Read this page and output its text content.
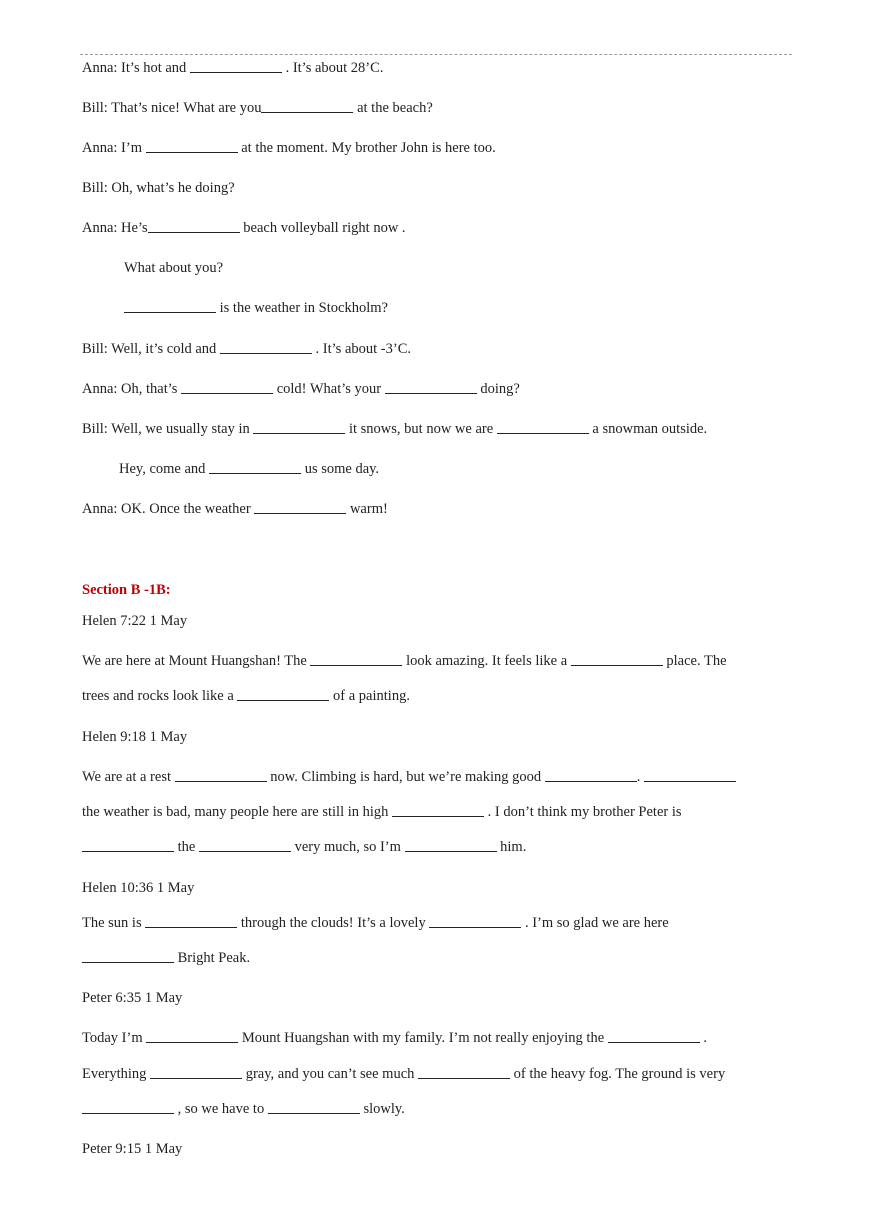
Anna: It’s hot and	. It’s about 28’C.
Bill: That’s nice! What are you	at the beach?
Anna: I’m	at the moment. My brother John is here too.
Bill: Oh, what’s he doing?
Anna: He’s	beach volleyball right now .
What about you?
is the weather in Stockholm?
Bill: Well, it’s cold and	. It’s about -3’C.
Anna: Oh, that’s	cold! What’s your	doing?
Bill: Well, we usually stay in	it snows, but now we are	a snowman outside.
Hey, come and	us some day.
Anna: OK. Once the weather	warm!
Section B -1B:
Helen 7:22 1 May
We are here at Mount Huangshan! The	look amazing. It feels like a	place. The
trees and rocks look like a	of a painting.
Helen 9:18 1 May
We are at a rest	now. Climbing is hard, but we’re making good	.
the weather is bad, many people here are still in high	. I don’t think my brother Peter is
the	very much, so I’m	him.
Helen 10:36 1 May
The sun is	through the clouds! It’s a lovely	. I’m so glad we are here
Bright Peak.
Peter 6:35 1 May
Today I’m	Mount Huangshan with my family. I’m not really enjoying the	.
Everything	gray, and you can’t see much	of the heavy fog. The ground is very
, so we have to	slowly.
Peter 9:15 1 May
